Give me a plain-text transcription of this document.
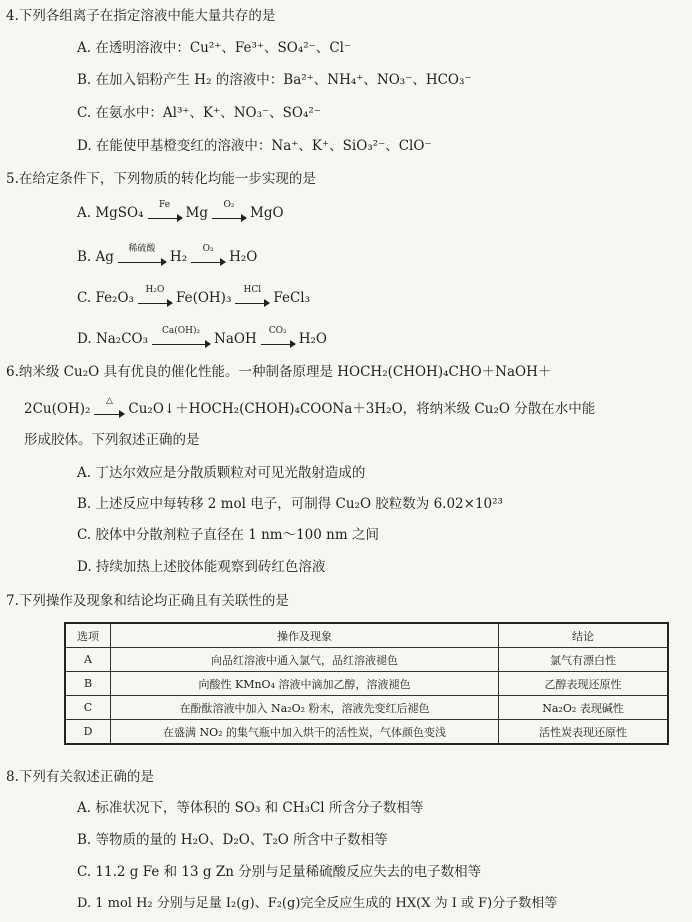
4.下列各组离子在指定溶液中能大量共存的是
A. 在透明溶液中：Cu²⁺、Fe³⁺、SO₄²⁻、Cl⁻
B. 在加入铝粉产生 H₂ 的溶液中：Ba²⁺、NH₄⁺、NO₃⁻、HCO₃⁻
C. 在氨水中：Al³⁺、K⁺、NO₃⁻、SO₄²⁻
D. 在能使甲基橙变红的溶液中：Na⁺、K⁺、SiO₃²⁻、ClO⁻
5.在给定条件下，下列物质的转化均能一步实现的是
A.
MgSO₄ Fe Mg O₂ MgO
B.
Ag 稀硫酸 H₂ O₂ H₂O
C.
Fe₂O₃ H₂O Fe(OH)₃ HCl FeCl₃
D.
Na₂CO₃ Ca(OH)₂ NaOH CO₂ H₂O
6.纳米级 Cu₂O 具有优良的催化性能。一种制备原理是 HOCH₂(CHOH)₄CHO＋NaOH＋
2Cu(OH)₂ △ Cu₂O↓＋HOCH₂(CHOH)₄COONa＋3H₂O，将纳米级 Cu₂O 分散在水中能
形成胶体。下列叙述正确的是
A. 丁达尔效应是分散质颗粒对可见光散射造成的
B. 上述反应中每转移 2 mol 电子，可制得 Cu₂O 胶粒数为 6.02×10²³
C. 胶体中分散剂粒子直径在 1 nm～100 nm 之间
D. 持续加热上述胶体能观察到砖红色溶液
7.下列操作及现象和结论均正确且有关联性的是
选项	操作及现象	结论
A	向品红溶液中通入氯气，品红溶液褪色	氯气有漂白性
B	向酸性 KMnO₄ 溶液中滴加乙醇，溶液褪色	乙醇表现还原性
C	在酚酞溶液中加入 Na₂O₂ 粉末，溶液先变红后褪色	Na₂O₂ 表现碱性
D	在盛满 NO₂ 的集气瓶中加入烘干的活性炭，气体颜色变浅	活性炭表现还原性
8.下列有关叙述正确的是
A. 标准状况下，等体积的 SO₃ 和 CH₃Cl 所含分子数相等
B. 等物质的量的 H₂O、D₂O、T₂O 所含中子数相等
C. 11.2 g Fe 和 13 g Zn 分别与足量稀硫酸反应失去的电子数相等
D. 1 mol H₂ 分别与足量 I₂(g)、F₂(g)完全反应生成的 HX(X 为 I 或 F)分子数相等
